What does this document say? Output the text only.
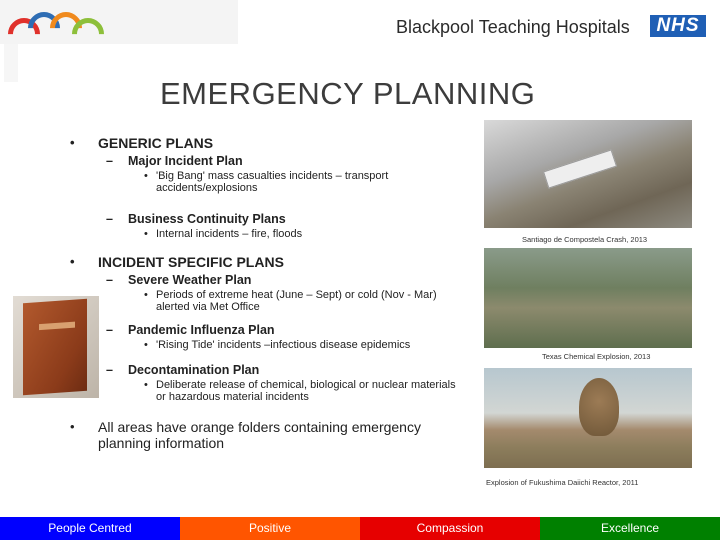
Blackpool Teaching Hospitals	NHS
EMERGENCY PLANNING
• GENERIC PLANS
– Major Incident Plan
• 'Big Bang' mass casualties incidents – transport accidents/explosions
– Business Continuity Plans
• Internal incidents – fire, floods
• INCIDENT SPECIFIC PLANS
– Severe Weather Plan
• Periods of extreme heat (June – Sept) or cold (Nov - Mar) alerted via Met Office
– Pandemic Influenza Plan
• 'Rising Tide' incidents –infectious disease epidemics
– Decontamination Plan
• Deliberate release of chemical, biological or nuclear materials or hazardous material incidents
• All areas have orange folders containing emergency planning information
Santiago de Compostela Crash, 2013
Texas Chemical Explosion, 2013
Explosion of Fukushima Daiichi Reactor, 2011
People Centred	Positive	Compassion	Excellence
